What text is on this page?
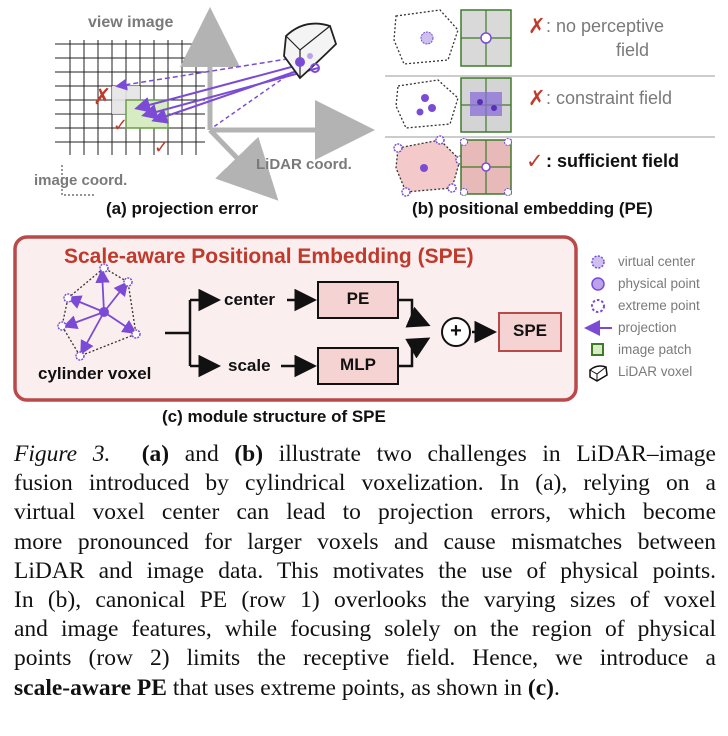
✗
✓
✓
view image
image coord.
LiDAR coord.
(a) projection error
✗ : no perceptive
field
✗ : constraint field
✓ : sufficient field
(b) positional embedding (PE)
Scale-aware Positional Embedding (SPE)
cylinder voxel
center
scale
PE
MLP
+	SPE
(c) module structure of SPE
virtual center
physical point
extreme point
projection
image patch
LiDAR voxel
Figure 3. (a) and (b) illustrate two challenges in LiDAR–image
fusion introduced by cylindrical voxelization. In (a), relying on a
virtual voxel center can lead to projection errors, which become
more pronounced for larger voxels and cause mismatches between
LiDAR and image data. This motivates the use of physical points.
In (b), canonical PE (row 1) overlooks the varying sizes of voxel
and image features, while focusing solely on the region of physical
points (row 2) limits the receptive field. Hence, we introduce a
scale-aware PE that uses extreme points, as shown in (c).
